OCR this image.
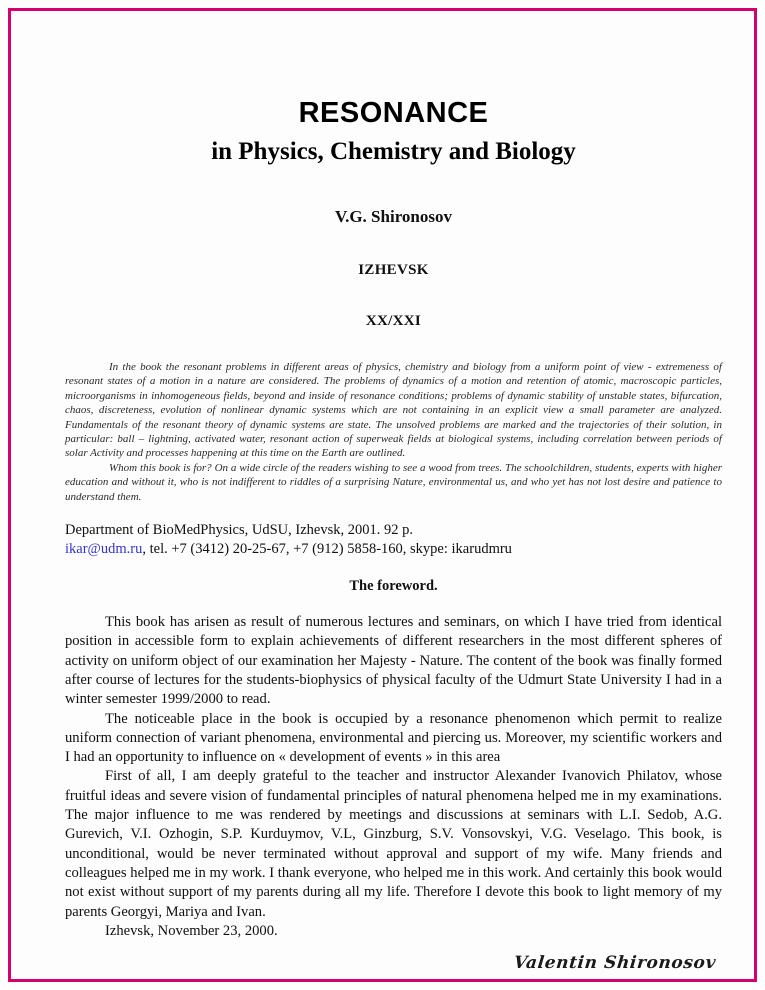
RESONANCE
in Physics, Chemistry and Biology
V.G. Shironosov
IZHEVSK
XX/XXI

In the book the resonant problems in different areas of physics, chemistry and biology from a uniform point of view - extremeness of resonant states of a motion in a nature are considered. The problems of dynamics of a motion and retention of atomic, macroscopic particles, microorganisms in inhomogeneous fields, beyond and inside of resonance conditions; problems of dynamic stability of unstable states, bifurcation, chaos, discreteness, evolution of nonlinear dynamic systems which are not containing in an explicit view a small parameter are analyzed. Fundamentals of the resonant theory of dynamic systems are state. The unsolved problems are marked and the trajectories of their solution, in particular: ball – lightning, activated water, resonant action of superweak fields at biological systems, including correlation between periods of solar Activity and processes happening at this time on the Earth are outlined.

Whom this book is for? On a wide circle of the readers wishing to see a wood from trees. The schoolchildren, students, experts with higher education and without it, who is not indifferent to riddles of a surprising Nature, environmental us, and who yet has not lost desire and patience to understand them.

Department of BioMedPhysics, UdSU, Izhevsk, 2001. 92 p.
ikar@udm.ru, tel. +7 (3412) 20-25-67, +7 (912) 5858-160, skype: ikarudmru
The foreword.

This book has arisen as result of numerous lectures and seminars, on which I have tried from identical position in accessible form to explain achievements of different researchers in the most different spheres of activity on uniform object of our examination her Majesty - Nature. The content of the book was finally formed after course of lectures for the students-biophysics of physical faculty of the Udmurt State University I had in a winter semester 1999/2000 to read.

The noticeable place in the book is occupied by a resonance phenomenon which permit to realize uniform connection of variant phenomena, environmental and piercing us. Moreover, my scientific workers and I had an opportunity to influence on « development of events » in this area

First of all, I am deeply grateful to the teacher and instructor Alexander Ivanovich Philatov, whose fruitful ideas and severe vision of fundamental principles of natural phenomena helped me in my examinations. The major influence to me was rendered by meetings and discussions at seminars with L.I. Sedob, A.G. Gurevich, V.I. Ozhogin, S.P. Kurduymov, V.L, Ginzburg, S.V. Vonsovskyi, V.G. Veselago. This book, is unconditional, would be never terminated without approval and support of my wife. Many friends and colleagues helped me in my work. I thank everyone, who helped me in this work. And certainly this book would not exist without support of my parents during all my life. Therefore I devote this book to light memory of my parents Georgyi, Mariya and Ivan.

Izhevsk, November 23, 2000.

Valentin Shironosov
